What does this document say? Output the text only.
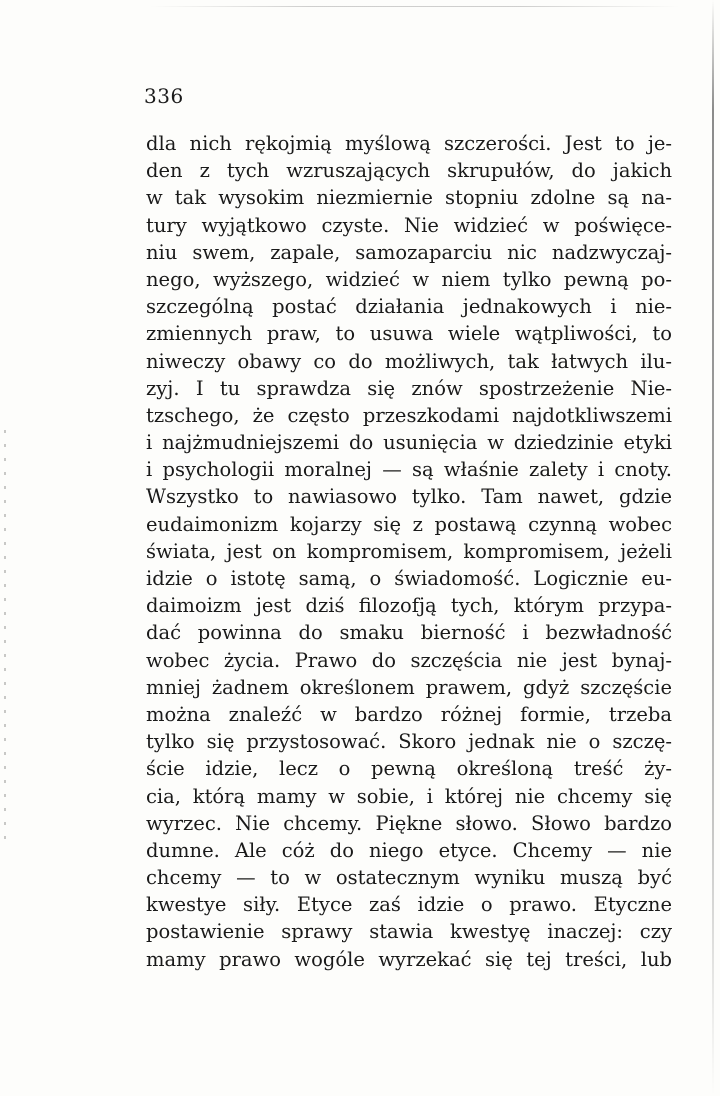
336
dla nich rękojmią myślową szczerości. Jest to je-
den z tych wzruszających skrupułów, do jakich
w tak wysokim niezmiernie stopniu zdolne są na-
tury wyjątkowo czyste. Nie widzieć w poświęce-
niu swem, zapale, samozaparciu nic nadzwyczaj-
nego, wyższego, widzieć w niem tylko pewną po-
szczególną postać działania jednakowych i nie-
zmiennych praw, to usuwa wiele wątpliwości, to
niweczy obawy co do możliwych, tak łatwych ilu-
zyj. I tu sprawdza się znów spostrzeżenie Nie-
tzschego, że często przeszkodami najdotkliwszemi
i najżmudniejszemi do usunięcia w dziedzinie etyki
i psychologii moralnej — są właśnie zalety i cnoty.
Wszystko to nawiasowo tylko. Tam nawet, gdzie
eudaimonizm kojarzy się z postawą czynną wobec
świata, jest on kompromisem, kompromisem, jeżeli
idzie o istotę samą, o świadomość. Logicznie eu-
daimoizm jest dziś filozofją tych, którym przypa-
dać powinna do smaku bierność i bezwładność
wobec życia. Prawo do szczęścia nie jest bynaj-
mniej żadnem określonem prawem, gdyż szczęście
można znaleźć w bardzo różnej formie, trzeba
tylko się przystosować. Skoro jednak nie o szczę-
ście idzie, lecz o pewną określoną treść ży-
cia, którą mamy w sobie, i której nie chcemy się
wyrzec. Nie chcemy. Piękne słowo. Słowo bardzo
dumne. Ale cóż do niego etyce. Chcemy — nie
chcemy — to w ostatecznym wyniku muszą być
kwestye siły. Etyce zaś idzie o prawo. Etyczne
postawienie sprawy stawia kwestyę inaczej: czy
mamy prawo wogóle wyrzekać się tej treści, lub
